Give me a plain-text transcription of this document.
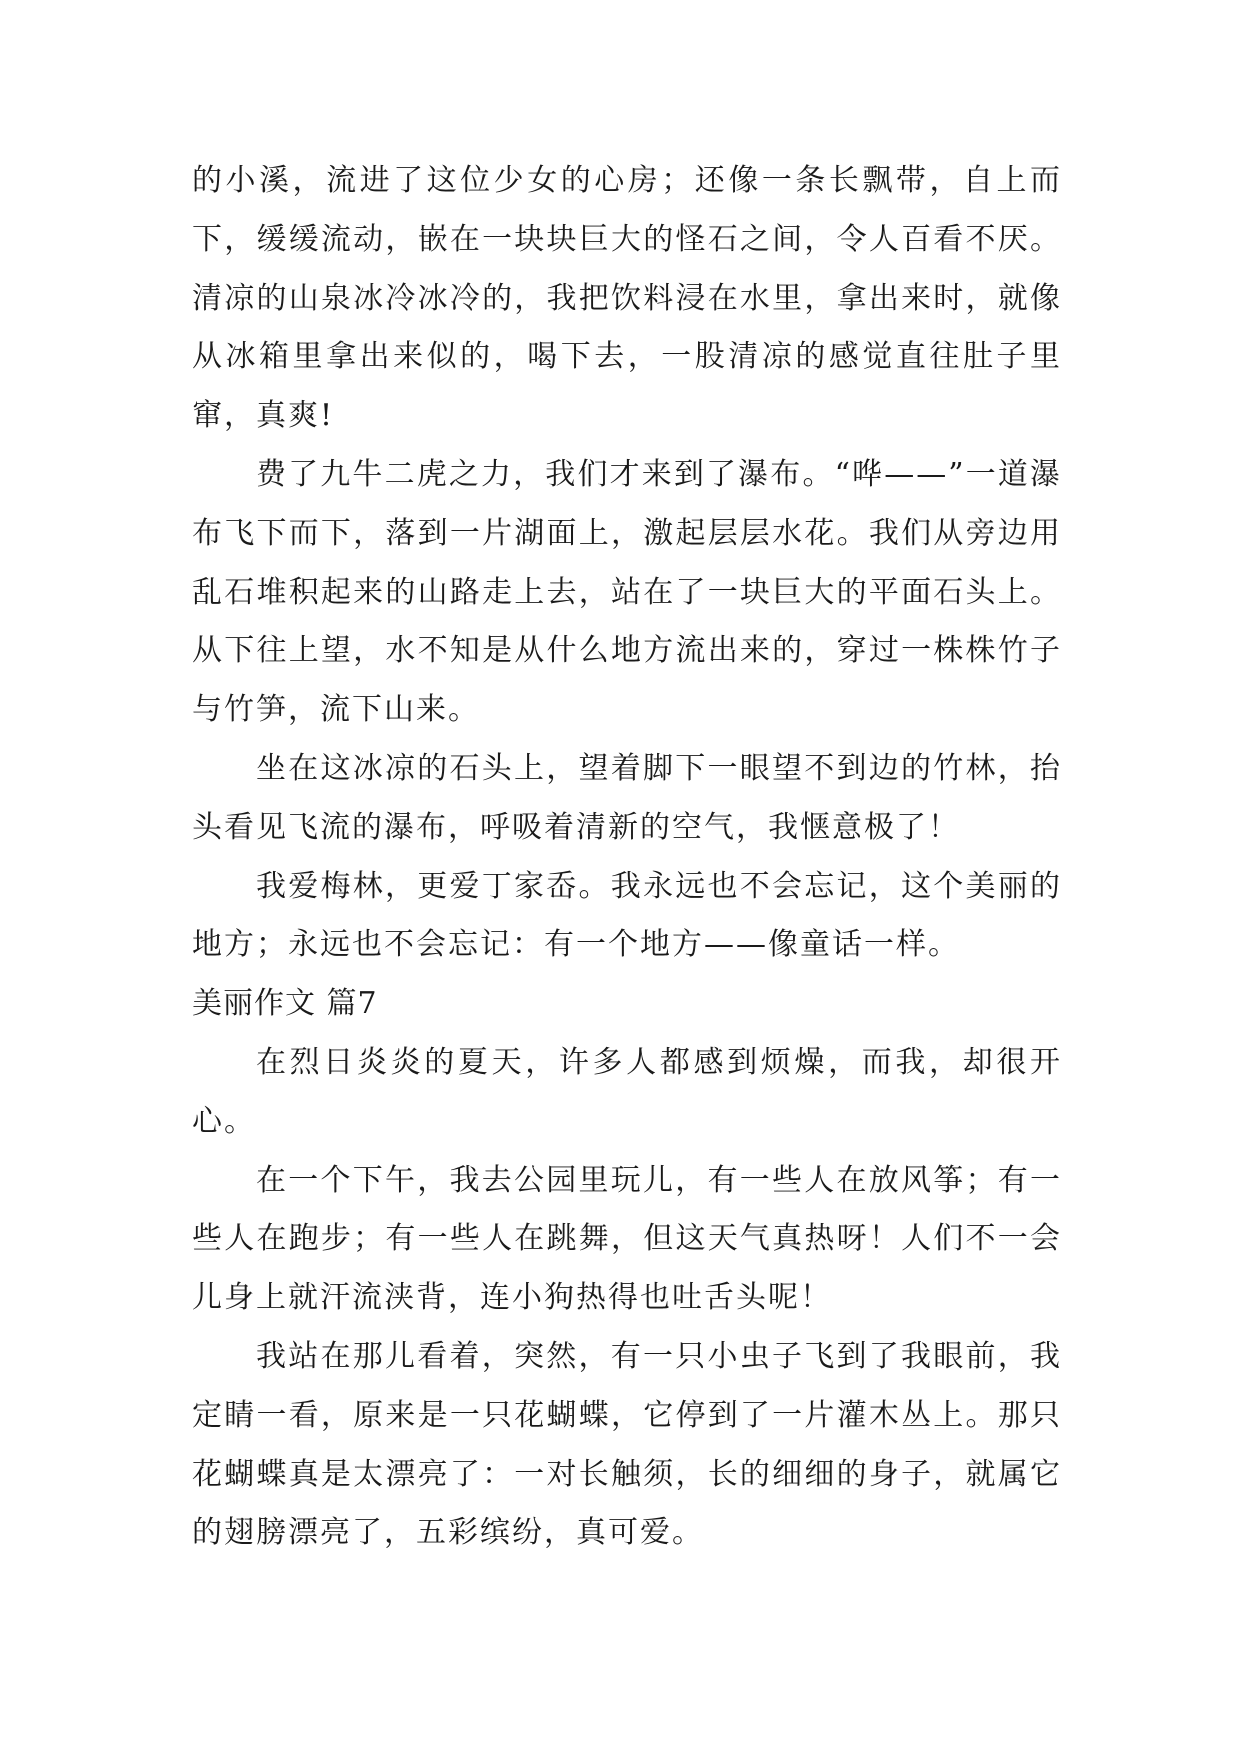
的小溪，流进了这位少女的心房；还像一条长飘带，自上而下，缓缓流动，嵌在一块块巨大的怪石之间，令人百看不厌。清凉的山泉冰冷冰冷的，我把饮料浸在水里，拿出来时，就像从冰箱里拿出来似的，喝下去，一股清凉的感觉直往肚子里窜，真爽!

费了九牛二虎之力，我们才来到了瀑布。“哗——”一道瀑布飞下而下，落到一片湖面上，激起层层水花。我们从旁边用乱石堆积起来的山路走上去，站在了一块巨大的平面石头上。从下往上望，水不知是从什么地方流出来的，穿过一株株竹子与竹笋，流下山来。

坐在这冰凉的石头上，望着脚下一眼望不到边的竹林，抬头看见飞流的瀑布，呼吸着清新的空气，我惬意极了！

我爱梅林，更爱丁家岙。我永远也不会忘记，这个美丽的地方；永远也不会忘记：有一个地方——像童话一样。

美丽作文 篇7

在烈日炎炎的夏天，许多人都感到烦燥，而我，却很开心。

在一个下午，我去公园里玩儿，有一些人在放风筝；有一些人在跑步；有一些人在跳舞，但这天气真热呀！人们不一会儿身上就汗流浃背，连小狗热得也吐舌头呢！

我站在那儿看着，突然，有一只小虫子飞到了我眼前，我定睛一看，原来是一只花蝴蝶，它停到了一片灌木丛上。那只花蝴蝶真是太漂亮了：一对长触须，长的细细的身子，就属它的翅膀漂亮了，五彩缤纷，真可爱。
